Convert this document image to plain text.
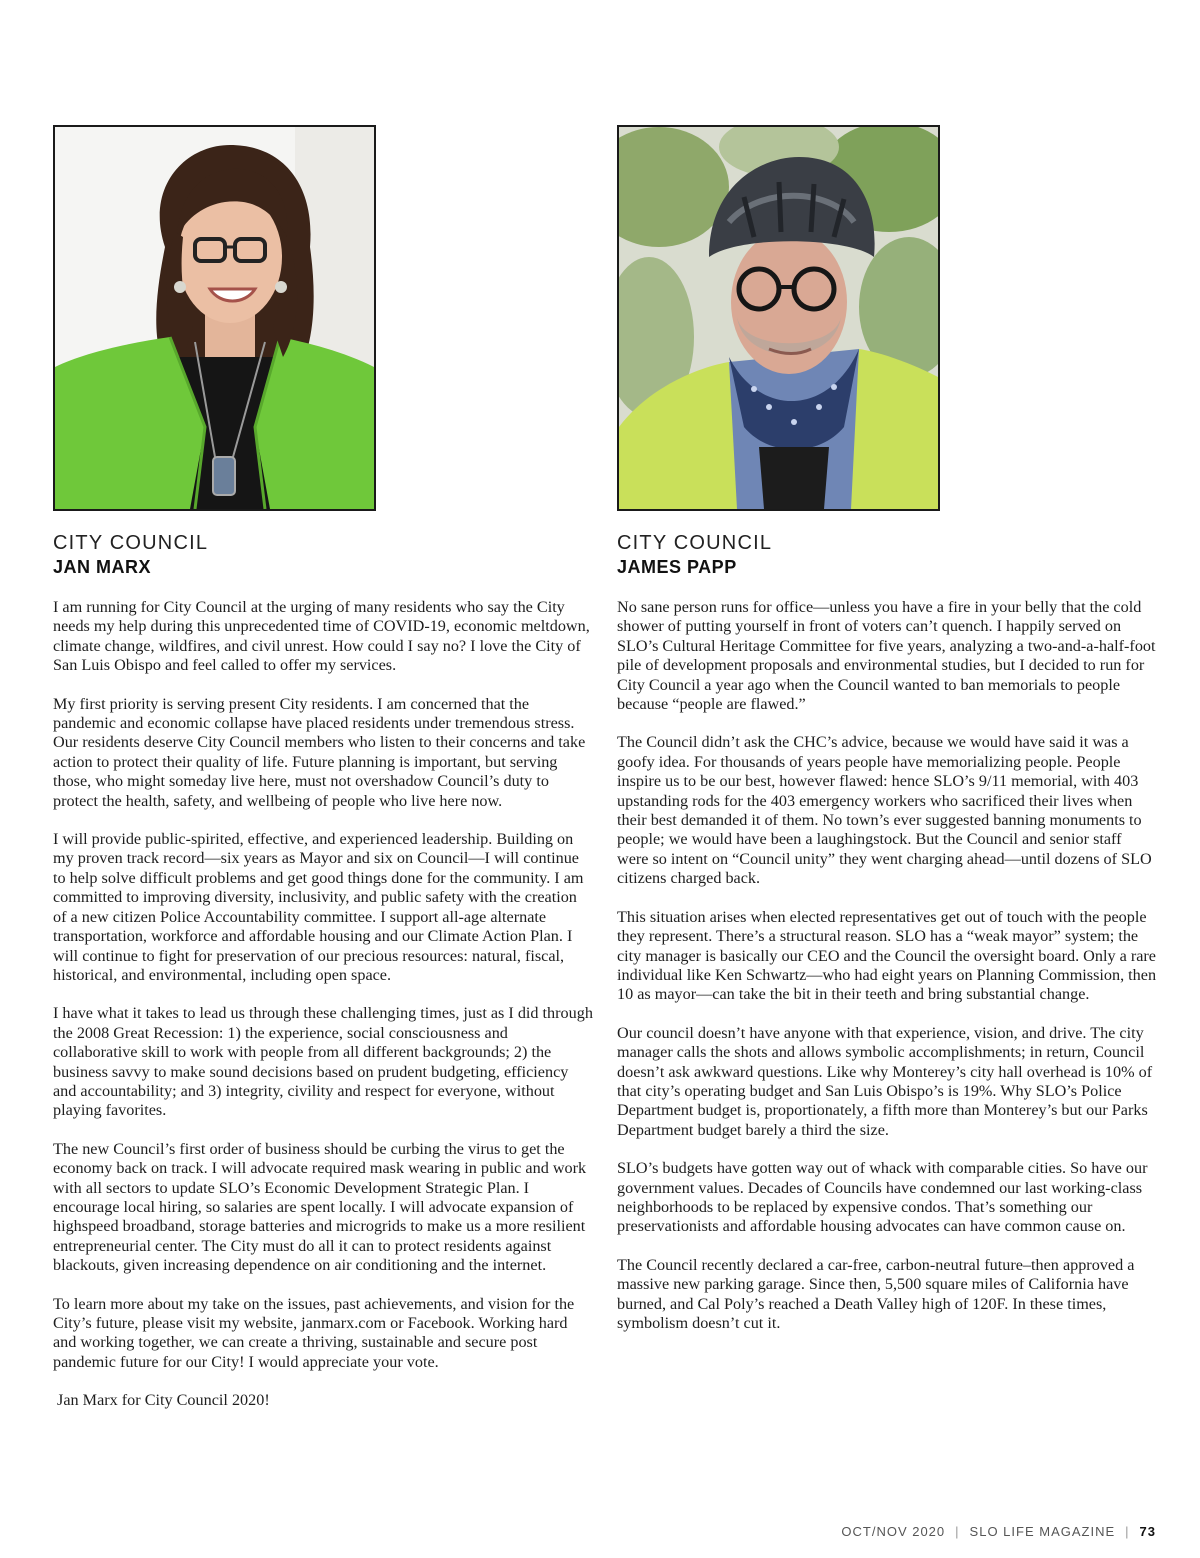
CITY COUNCIL
JAN MARX

I am running for City Council at the urging of many residents who say the City needs my help during this unprecedented time of COVID-19, economic meltdown, climate change, wildfires, and civil unrest. How could I say no? I love the City of San Luis Obispo and feel called to offer my services.

My first priority is serving present City residents. I am concerned that the pandemic and economic collapse have placed residents under tremendous stress. Our residents deserve City Council members who listen to their concerns and take action to protect their quality of life. Future planning is important, but serving those, who might someday live here, must not overshadow Council’s duty to protect the health, safety, and wellbeing of people who live here now.

I will provide public-spirited, effective, and experienced leadership. Building on my proven track record—six years as Mayor and six on Council—I will continue to help solve difficult problems and get good things done for the community. I am committed to improving diversity, inclusivity, and public safety with the creation of a new citizen Police Accountability committee. I support all-age alternate transportation, workforce and affordable housing and our Climate Action Plan. I will continue to fight for preservation of our precious resources: natural, fiscal, historical, and environmental, including open space.

I have what it takes to lead us through these challenging times, just as I did through the 2008 Great Recession: 1) the experience, social consciousness and collaborative skill to work with people from all different backgrounds; 2) the business savvy to make sound decisions based on prudent budgeting, efficiency and accountability; and 3) integrity, civility and respect for everyone, without playing favorites.

The new Council’s first order of business should be curbing the virus to get the economy back on track. I will advocate required mask wearing in public and work with all sectors to update SLO’s Economic Development Strategic Plan. I encourage local hiring, so salaries are spent locally. I will advocate expansion of highspeed broadband, storage batteries and microgrids to make us a more resilient entrepreneurial center. The City must do all it can to protect residents against blackouts, given increasing dependence on air conditioning and the internet.

To learn more about my take on the issues, past achievements, and vision for the City’s future, please visit my website, janmarx.com or Facebook. Working hard and working together, we can create a thriving, sustainable and secure post pandemic future for our City! I would appreciate your vote.

Jan Marx for City Council 2020!

CITY COUNCIL
JAMES PAPP

No sane person runs for office—unless you have a fire in your belly that the cold shower of putting yourself in front of voters can’t quench. I happily served on SLO’s Cultural Heritage Committee for five years, analyzing a two-and-a-half-foot pile of development proposals and environmental studies, but I decided to run for City Council a year ago when the Council wanted to ban memorials to people because “people are flawed.”

The Council didn’t ask the CHC’s advice, because we would have said it was a goofy idea. For thousands of years people have memorializing people. People inspire us to be our best, however flawed: hence SLO’s 9/11 memorial, with 403 upstanding rods for the 403 emergency workers who sacrificed their lives when their best demanded it of them. No town’s ever suggested banning monuments to people; we would have been a laughingstock. But the Council and senior staff were so intent on “Council unity” they went charging ahead—until dozens of SLO citizens charged back.

This situation arises when elected representatives get out of touch with the people they represent. There’s a structural reason. SLO has a “weak mayor” system; the city manager is basically our CEO and the Council the oversight board. Only a rare individual like Ken Schwartz—who had eight years on Planning Commission, then 10 as mayor—can take the bit in their teeth and bring substantial change.

Our council doesn’t have anyone with that experience, vision, and drive. The city manager calls the shots and allows symbolic accomplishments; in return, Council doesn’t ask awkward questions. Like why Monterey’s city hall overhead is 10% of that city’s operating budget and San Luis Obispo’s is 19%. Why SLO’s Police Department budget is, proportionately, a fifth more than Monterey’s but our Parks Department budget barely a third the size.

SLO’s budgets have gotten way out of whack with comparable cities. So have our government values. Decades of Councils have condemned our last working-class neighborhoods to be replaced by expensive condos. That’s something our preservationists and affordable housing advocates can have common cause on.

The Council recently declared a car-free, carbon-neutral future–then approved a massive new parking garage. Since then, 5,500 square miles of California have burned, and Cal Poly’s reached a Death Valley high of 120F. In these times, symbolism doesn’t cut it.

OCT/NOV 2020 | SLO LIFE MAGAZINE | 73
